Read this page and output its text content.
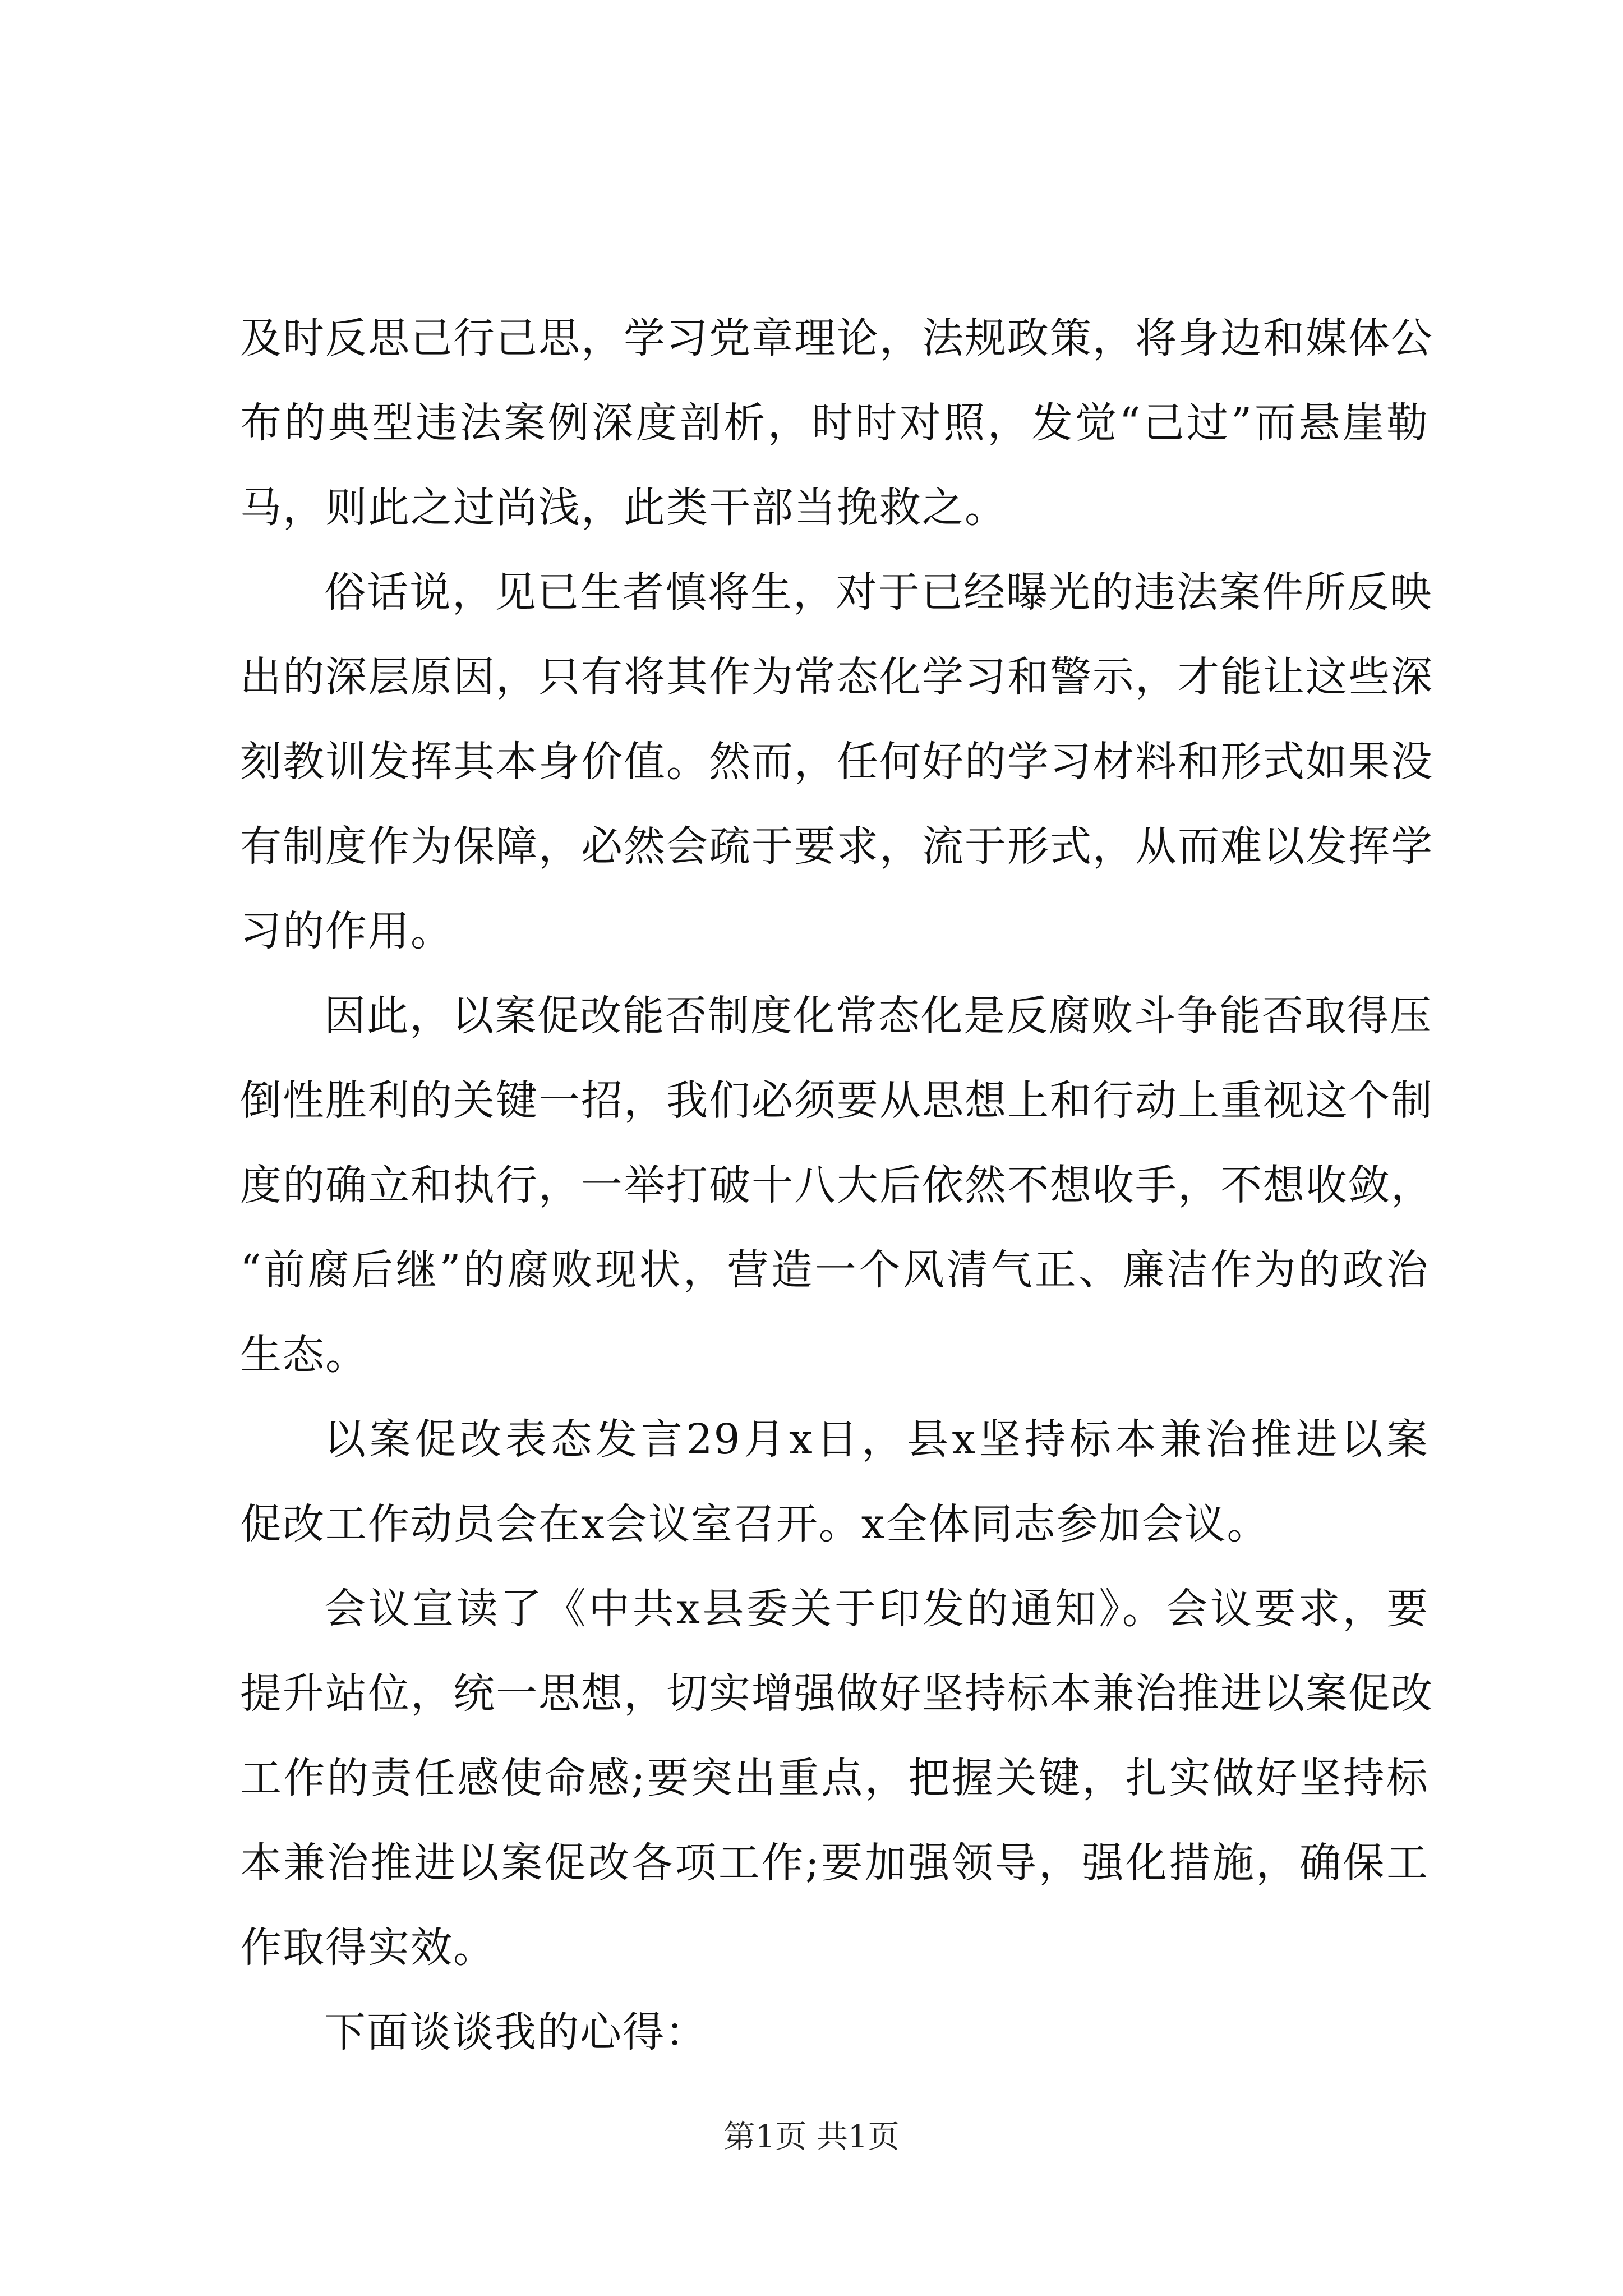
及时反思己行己思，学习党章理论，法规政策，将身边和媒体公
布的典型违法案例深度剖析，时时对照，发觉“己过”而悬崖勒
马，则此之过尚浅，此类干部当挽救之。
俗话说，见已生者慎将生，对于已经曝光的违法案件所反映
出的深层原因，只有将其作为常态化学习和警示，才能让这些深
刻教训发挥其本身价值。然而，任何好的学习材料和形式如果没
有制度作为保障，必然会疏于要求，流于形式，从而难以发挥学
习的作用。
因此，以案促改能否制度化常态化是反腐败斗争能否取得压
倒性胜利的关键一招，我们必须要从思想上和行动上重视这个制
度的确立和执行，一举打破十八大后依然不想收手，不想收敛，
“前腐后继”的腐败现状，营造一个风清气正、廉洁作为的政治
生态。
以案促改表态发言29月x日，县x坚持标本兼治推进以案
促改工作动员会在x会议室召开。x全体同志参加会议。
会议宣读了《中共x县委关于印发的通知》。会议要求，要
提升站位，统一思想，切实增强做好坚持标本兼治推进以案促改
工作的责任感使命感;要突出重点，把握关键，扎实做好坚持标
本兼治推进以案促改各项工作;要加强领导，强化措施，确保工
作取得实效。
下面谈谈我的心得：
第1页 共1页
